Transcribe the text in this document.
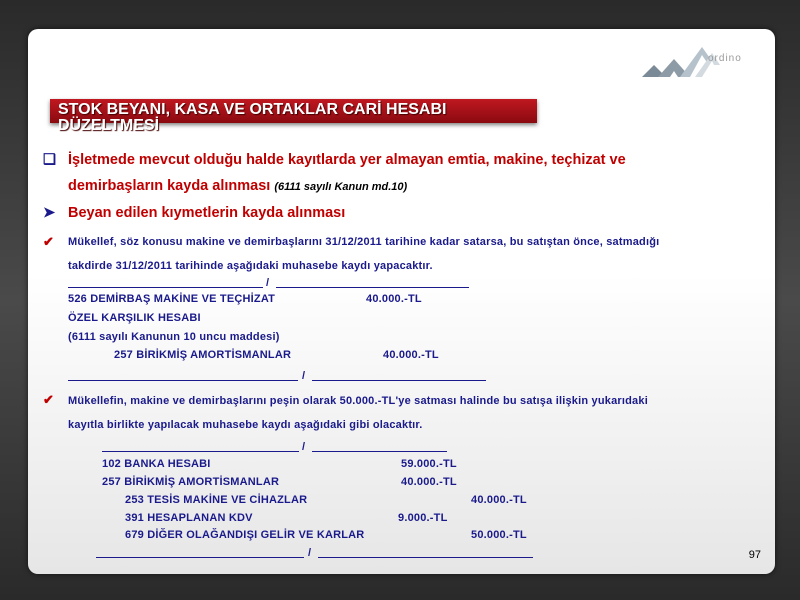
ordino
STOK BEYANI, KASA VE ORTAKLAR CARİ HESABI DÜZELTMESİ
❑ İşletmede mevcut olduğu halde kayıtlarda yer almayan emtia, makine, teçhizat ve
demirbaşların kayda alınması (6111 sayılı Kanun md.10)
➤ Beyan edilen kıymetlerin kayda alınması
✔ Mükellef, söz konusu makine ve demirbaşlarını 31/12/2011 tarihine kadar satarsa, bu satıştan önce, satmadığı
takdirde 31/12/2011 tarihinde aşağıdaki muhasebe kaydı yapacaktır.
/
526 DEMİRBAŞ MAKİNE VE TEÇHİZAT	40.000.-TL
ÖZEL KARŞILIK HESABI
(6111 sayılı Kanunun 10 uncu maddesi)
257 BİRİKMİŞ AMORTİSMANLAR	40.000.-TL
/
✔ Mükellefin, makine ve demirbaşlarını peşin olarak 50.000.-TL'ye satması halinde bu satışa ilişkin yukarıdaki
kayıtla birlikte yapılacak muhasebe kaydı aşağıdaki gibi olacaktır.
/
102 BANKA HESABI	59.000.-TL
257 BİRİKMİŞ AMORTİSMANLAR	40.000.-TL
253 TESİS MAKİNE VE CİHAZLAR	40.000.-TL
391 HESAPLANAN KDV	9.000.-TL
679 DİĞER OLAĞANDIŞI GELİR VE KARLAR	50.000.-TL
/	97
